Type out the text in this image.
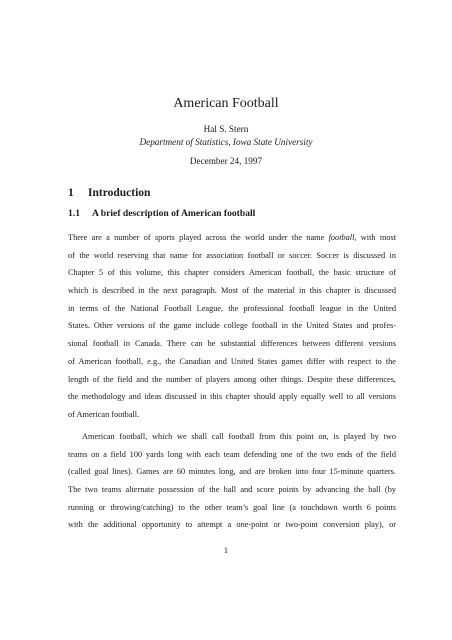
American Football
Hal S. Stern
Department of Statistics, Iowa State University
December 24, 1997
1 Introduction
1.1 A brief description of American football
There are a number of sports played across the world under the name football, with most
of the world reserving that name for association football or soccer. Soccer is discussed in
Chapter 5 of this volume, this chapter considers American football, the basic structure of
which is described in the next paragraph. Most of the material in this chapter is discussed
in terms of the National Football League, the professional football league in the United
States. Other versions of the game include college football in the United States and profes-
sional football in Canada. There can be substantial differences between different versions
of American football, e.g., the Canadian and United States games differ with respect to the
length of the field and the number of players among other things. Despite these differences,
the methodology and ideas discussed in this chapter should apply equally well to all versions
of American football.
American football, which we shall call football from this point on, is played by two
teams on a field 100 yards long with each team defending one of the two ends of the field
(called goal lines). Games are 60 minutes long, and are broken into four 15-minute quarters.
The two teams alternate possession of the ball and score points by advancing the ball (by
running or throwing/catching) to the other team’s goal line (a touchdown worth 6 points
with the additional opportunity to attempt a one-point or two-point conversion play), or
1
